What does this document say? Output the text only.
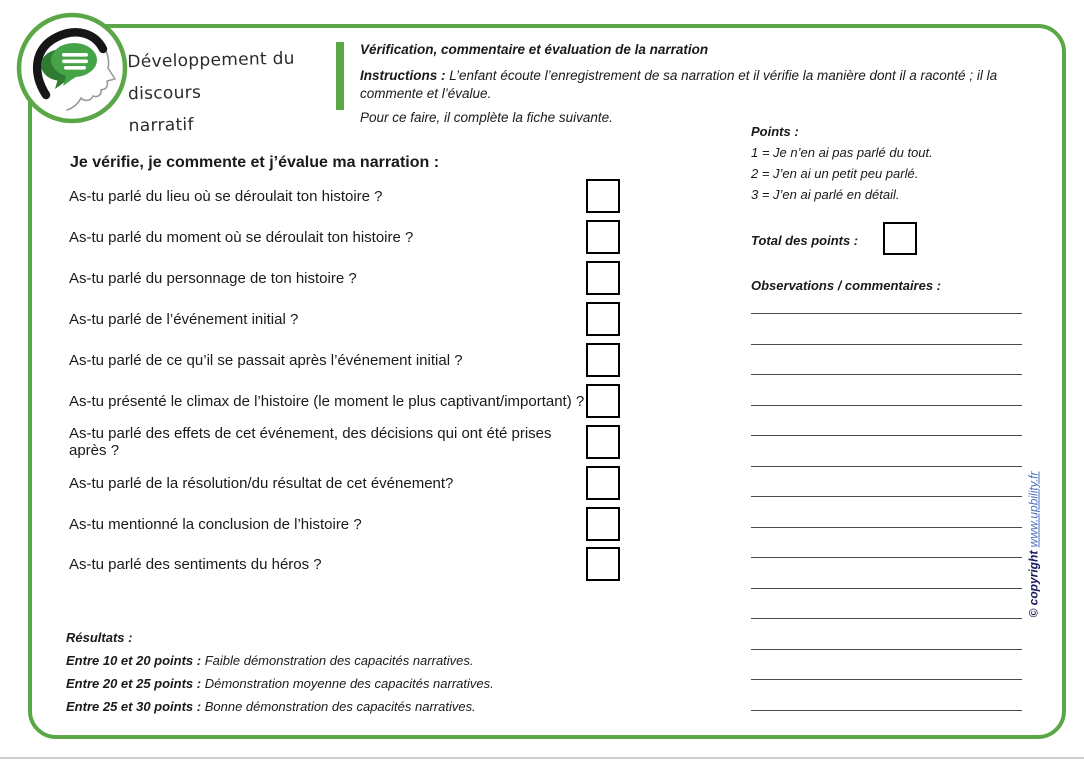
Développement du discours
narratif
Vérification, commentaire et évaluation de la narration
Instructions : L’enfant écoute l’enregistrement de sa narration et il vérifie la manière dont il a raconté ; il la commente et l’évalue.
Pour ce faire, il complète la fiche suivante.
Je vérifie, je commente et j’évalue ma narration :
As-tu parlé du lieu où se déroulait ton histoire ?
As-tu parlé du moment où se déroulait ton histoire ?
As-tu parlé du personnage de ton histoire ?
As-tu parlé de l’événement initial ?
As-tu parlé de ce qu’il se passait après l’événement initial ?
As-tu présenté le climax de l’histoire (le moment le plus captivant/important) ?
As-tu parlé des effets de cet événement, des décisions qui ont été prises après ?
As-tu parlé de la résolution/du résultat de cet événement?
As-tu mentionné la conclusion de l’histoire ?
As-tu parlé des sentiments du héros ?
Points :
1 = Je n’en ai pas parlé du tout.
2 = J’en ai un petit peu parlé.
3 = J’en ai parlé en détail.
Total des points :
Observations / commentaires :
Résultats :
Entre 10 et 20 points : Faible démonstration des capacités narratives.
Entre 20 et 25 points : Démonstration moyenne des capacités narratives.
Entre 25 et 30 points : Bonne démonstration des capacités narratives.
© copyright www.upbility.fr
